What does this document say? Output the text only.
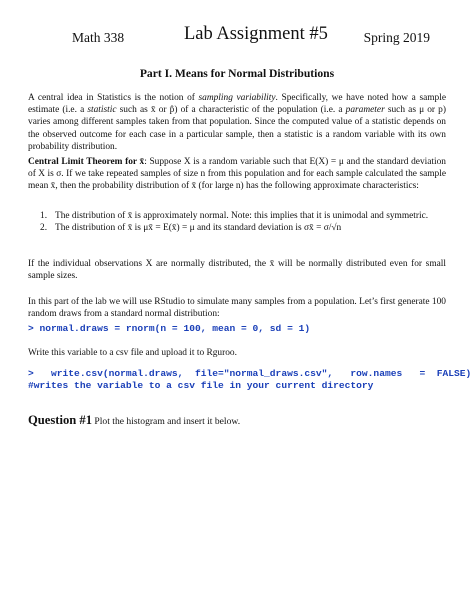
Math 338	Lab Assignment #5	Spring 2019
Part I. Means for Normal Distributions
A central idea in Statistics is the notion of sampling variability. Specifically, we have noted how a sample estimate (i.e. a statistic such as x̄ or p̂) of a characteristic of the population (i.e. a parameter such as μ or p) varies among different samples taken from that population. Since the computed value of a statistic depends on the observed outcome for each case in a particular sample, then a statistic is a random variable with its own probability distribution.
Central Limit Theorem for x̄: Suppose X is a random variable such that E(X) = μ and the standard deviation of X is σ. If we take repeated samples of size n from this population and for each sample calculated the sample mean x̄, then the probability distribution of x̄ (for large n) has the following approximate characteristics:
1. The distribution of x̄ is approximately normal. Note: this implies that it is unimodal and symmetric.
2. The distribution of x̄ is μx̄ = E(x̄) = μ and its standard deviation is σx̄ = σ/√n
If the individual observations X are normally distributed, the x̄ will be normally distributed even for small sample sizes.
In this part of the lab we will use RStudio to simulate many samples from a population. Let’s first generate 100 random draws from a standard normal distribution:
> normal.draws = rnorm(n = 100, mean = 0, sd = 1)
Write this variable to a csv file and upload it to Rguroo.
>   write.csv(normal.draws,  file="normal_draws.csv",   row.names   =  FALSE)
#writes the variable to a csv file in your current directory
Question #1 Plot the histogram and insert it below.
